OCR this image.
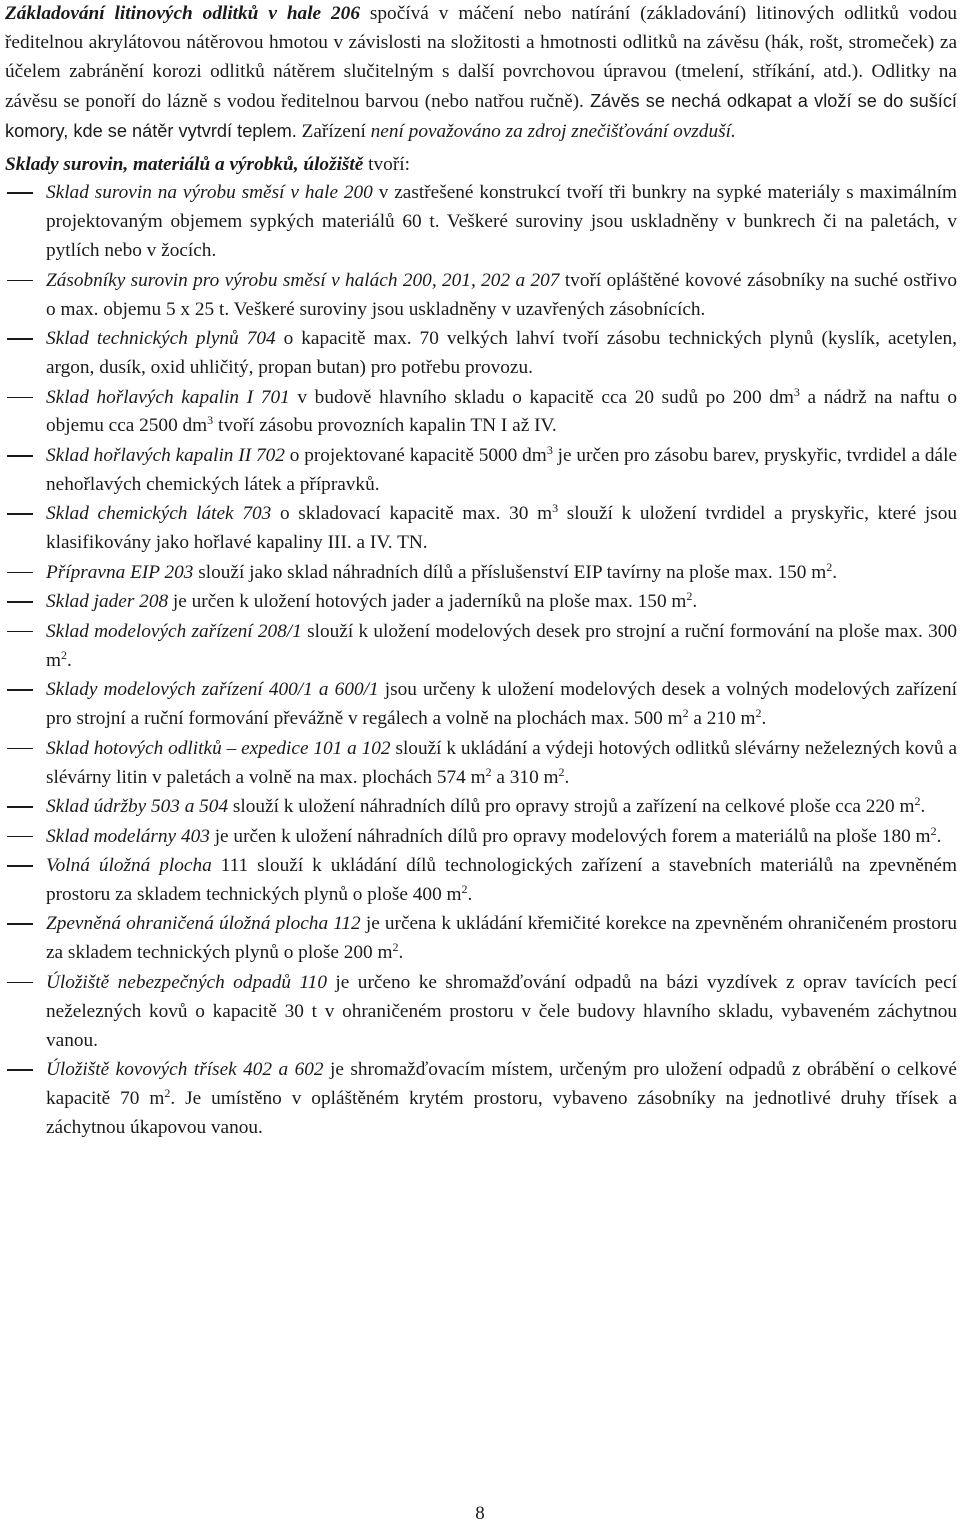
Základování litinových odlitků v hale 206 spočívá v máčení nebo natírání (základování) litinových odlitků vodou ředitelnou akrylátovou nátěrovou hmotou v závislosti na složitosti a hmotnosti odlitků na závěsu (hák, rošt, stromeček) za účelem zabránění korozi odlitků nátěrem slučitelným s další povrchovou úpravou (tmelení, stříkání, atd.). Odlitky na závěsu se ponoří do lázně s vodou ředitelnou barvou (nebo natřou ručně). Závěs se nechá odkapat a vloží se do sušící komory, kde se nátěr vytvrdí teplem. Zařízení není považováno za zdroj znečišťování ovzduší.

Sklady surovin, materiálů a výrobků, úložiště tvoří:

Sklad surovin na výrobu směsí v hale 200 v zastřešené konstrukcí tvoří tři bunkry na sypké materiály s maximálním projektovaným objemem sypkých materiálů 60 t. Veškeré suroviny jsou uskladněny v bunkrech či na paletách, v pytlích nebo v žocích.
Zásobníky surovin pro výrobu směsí v halách 200, 201, 202 a 207 tvoří opláštěné kovové zásobníky na suché ostřivo o max. objemu 5 x 25 t. Veškeré suroviny jsou uskladněny v uzavřených zásobnících.
Sklad technických plynů 704 o kapacitě max. 70 velkých lahví tvoří zásobu technických plynů (kyslík, acetylen, argon, dusík, oxid uhličitý, propan butan) pro potřebu provozu.
Sklad hořlavých kapalin I 701 v budově hlavního skladu o kapacitě cca 20 sudů po 200 $dm^3$ a nádrž na naftu o objemu cca 2500 $dm^3$ tvoří zásobu provozních kapalin TN I až IV.
Sklad hořlavých kapalin II 702 o projektované kapacitě 5000 $dm^3$ je určen pro zásobu barev, pryskyřic, tvrdidel a dále nehořlavých chemických látek a přípravků.
Sklad chemických látek 703 o skladovací kapacitě max. 30 $m^3$ slouží k uložení tvrdidel a pryskyřic, které jsou klasifikovány jako hořlavé kapaliny III. a IV. TN.
Přípravna EIP 203 slouží jako sklad náhradních dílů a příslušenství EIP tavírny na ploše max. 150 $m^2$.
Sklad jader 208 je určen k uložení hotových jader a jaderníků na ploše max. 150 $m^2$.
Sklad modelových zařízení 208/1 slouží k uložení modelových desek pro strojní a ruční formování na ploše max. 300 $m^2$.
Sklady modelových zařízení 400/1 a 600/1 jsou určeny k uložení modelových desek a volných modelových zařízení pro strojní a ruční formování převážně v regálech a volně na plochách max. 500 $m^2$ a 210 $m^2$.
Sklad hotových odlitků – expedice 101 a 102 slouží k ukládání a výdeji hotových odlitků slévárny neželezných kovů a slévárny litin v paletách a volně na max. plochách 574 $m^2$ a 310 $m^2$.
Sklad údržby 503 a 504 slouží k uložení náhradních dílů pro opravy strojů a zařízení na celkové ploše cca 220 $m^2$.
Sklad modelárny 403 je určen k uložení náhradních dílů pro opravy modelových forem a materiálů na ploše 180 $m^2$.
Volná úložná plocha 111 slouží k ukládání dílů technologických zařízení a stavebních materiálů na zpevněném prostoru za skladem technických plynů o ploše 400 $m^2$.
Zpevněná ohraničená úložná plocha 112 je určena k ukládání křemičité korekce na zpevněném ohraničeném prostoru za skladem technických plynů o ploše 200 $m^2$.
Úložiště nebezpečných odpadů 110 je určeno ke shromažďování odpadů na bázi vyzdívek z oprav tavících pecí neželezných kovů o kapacitě 30 t v ohraničeném prostoru v čele budovy hlavního skladu, vybaveném záchytnou vanou.
Úložiště kovových třísek 402 a 602 je shromažďovacím místem, určeným pro uložení odpadů z obrábění o celkové kapacitě 70 $m^2$. Je umístěno v opláštěném krytém prostoru, vybaveno zásobníky na jednotlivé druhy třísek a záchytnou úkapovou vanou.
8
